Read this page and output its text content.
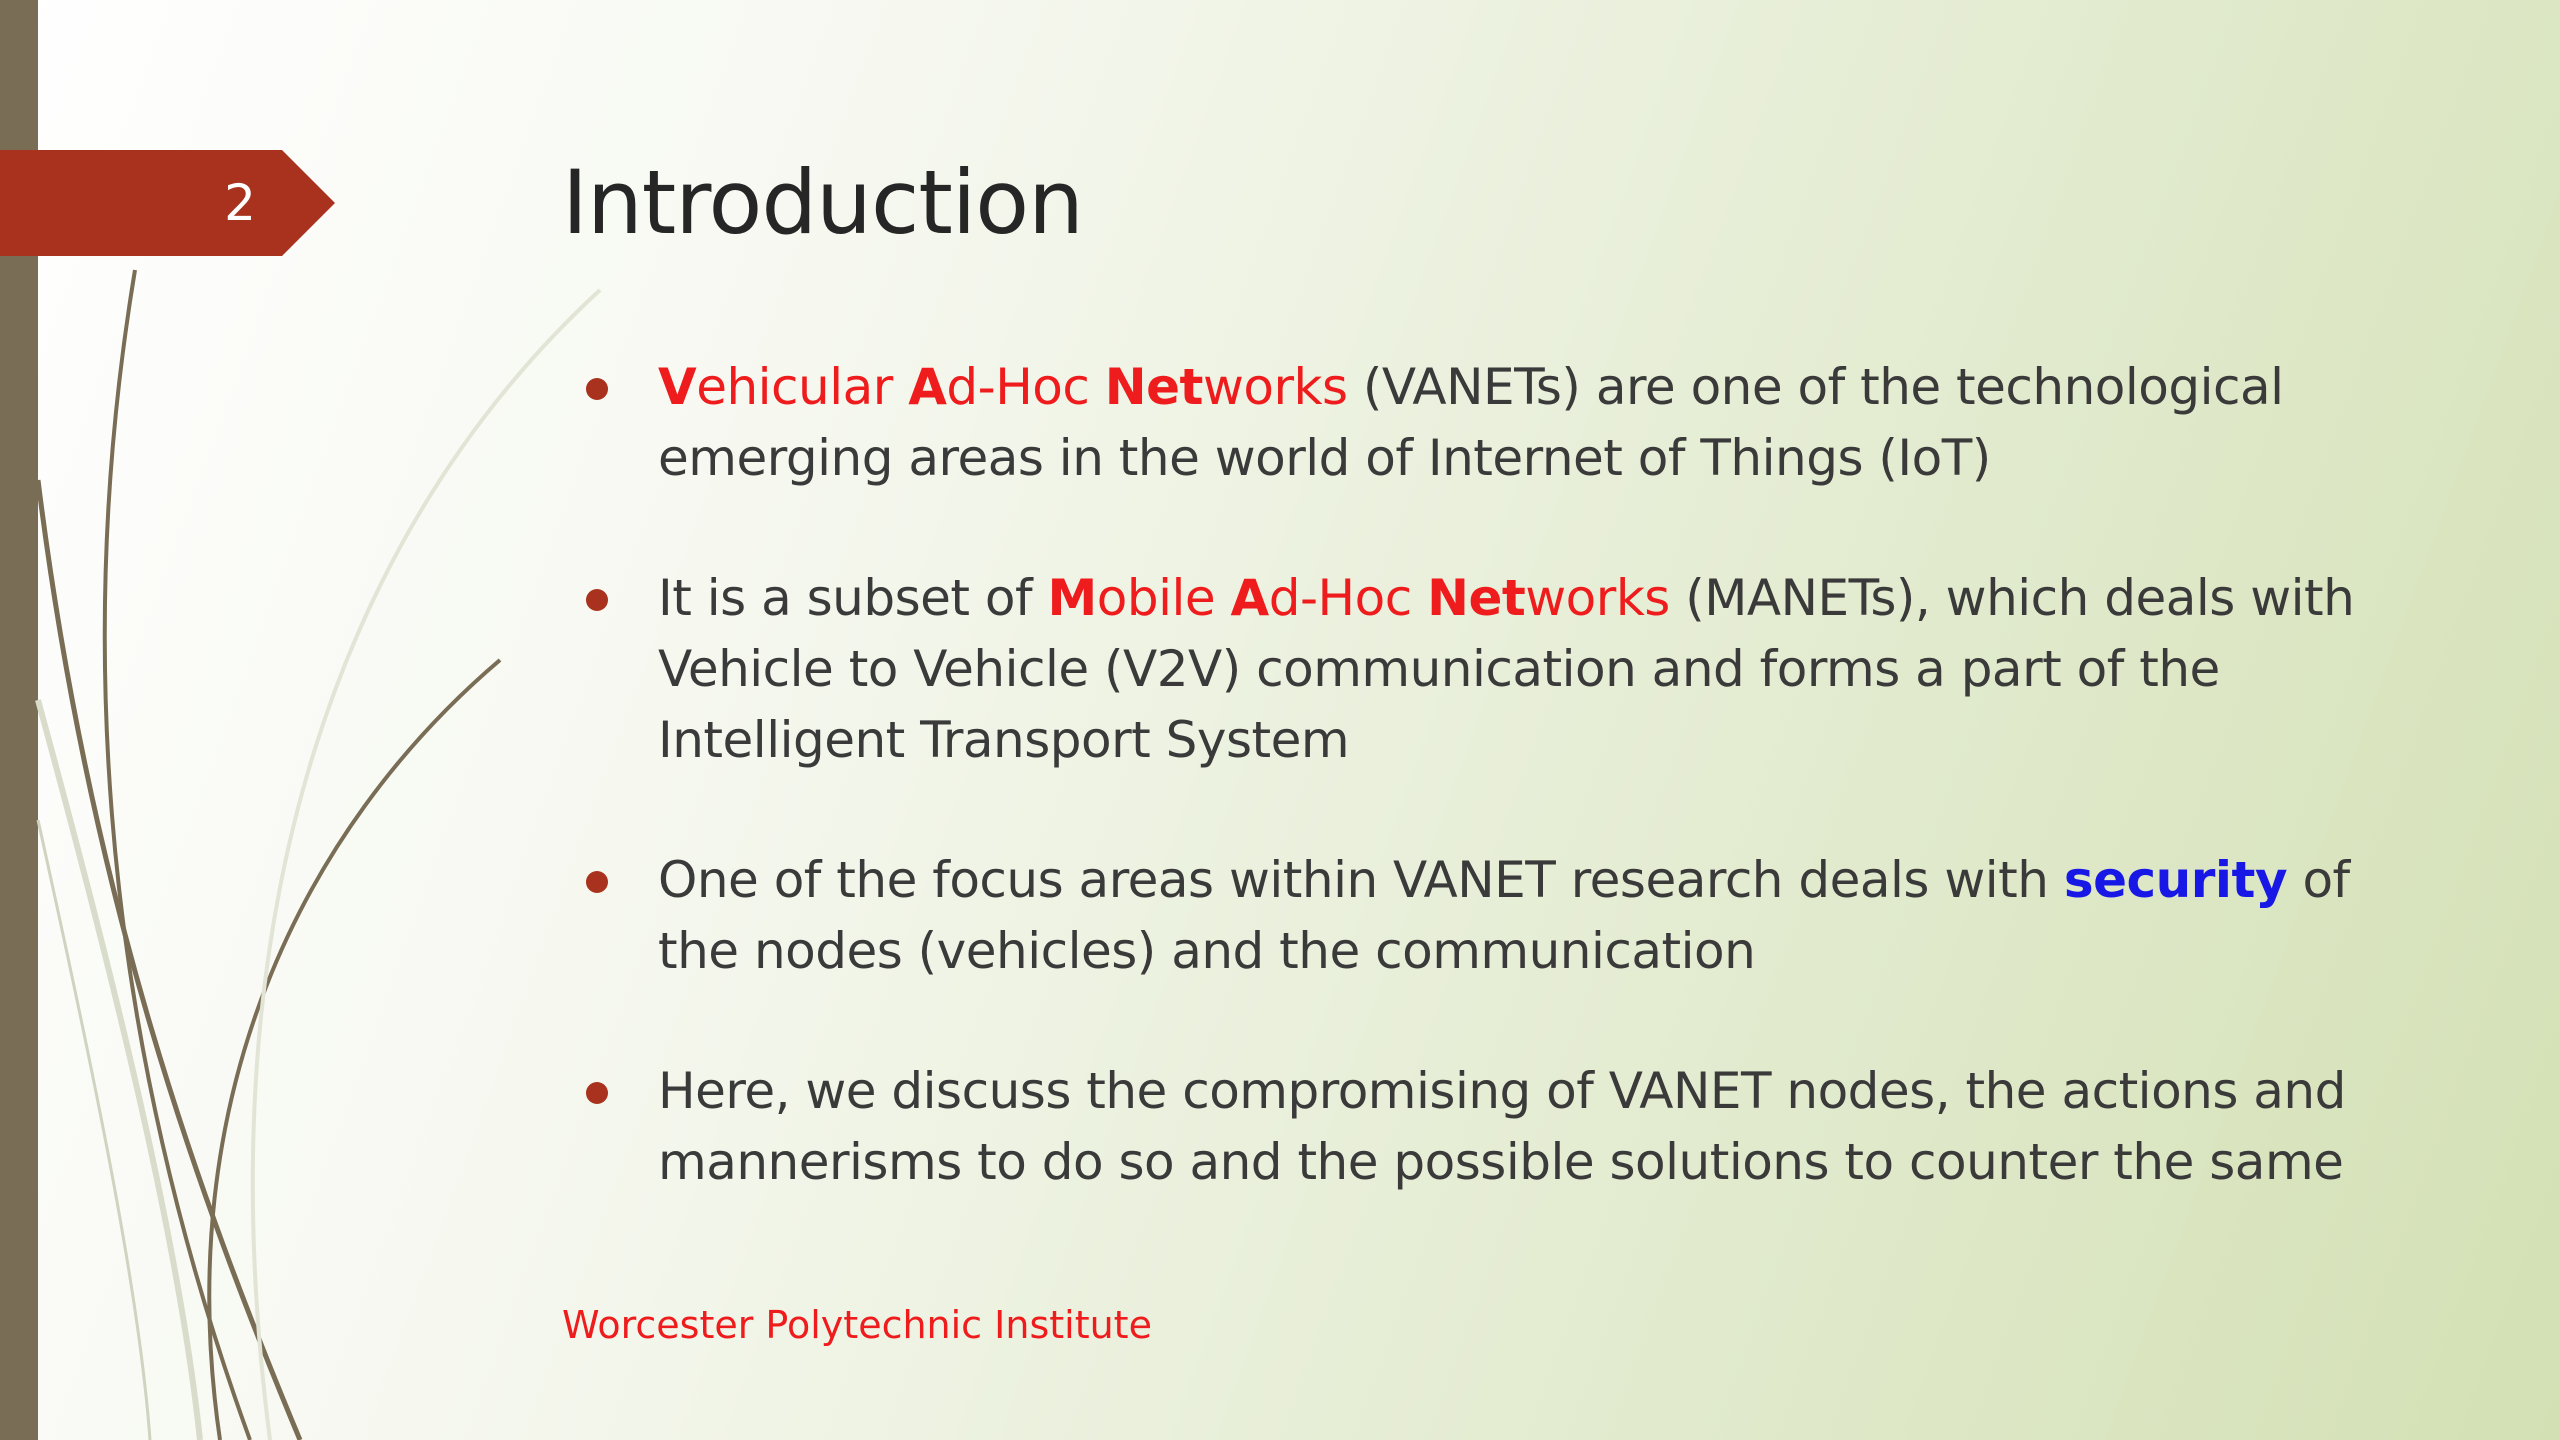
2	Introduction
Vehicular Ad-Hoc Networks (VANETs) are one of the technological emerging areas in the world of Internet of Things (IoT)
It is a subset of Mobile Ad-Hoc Networks (MANETs), which deals with Vehicle to Vehicle (V2V) communication and forms a part of the Intelligent Transport System
One of the focus areas within VANET research deals with security of the nodes (vehicles) and the communication
Here, we discuss the compromising of VANET nodes, the actions and mannerisms to do so and the possible solutions to counter the same
Worcester Polytechnic Institute
